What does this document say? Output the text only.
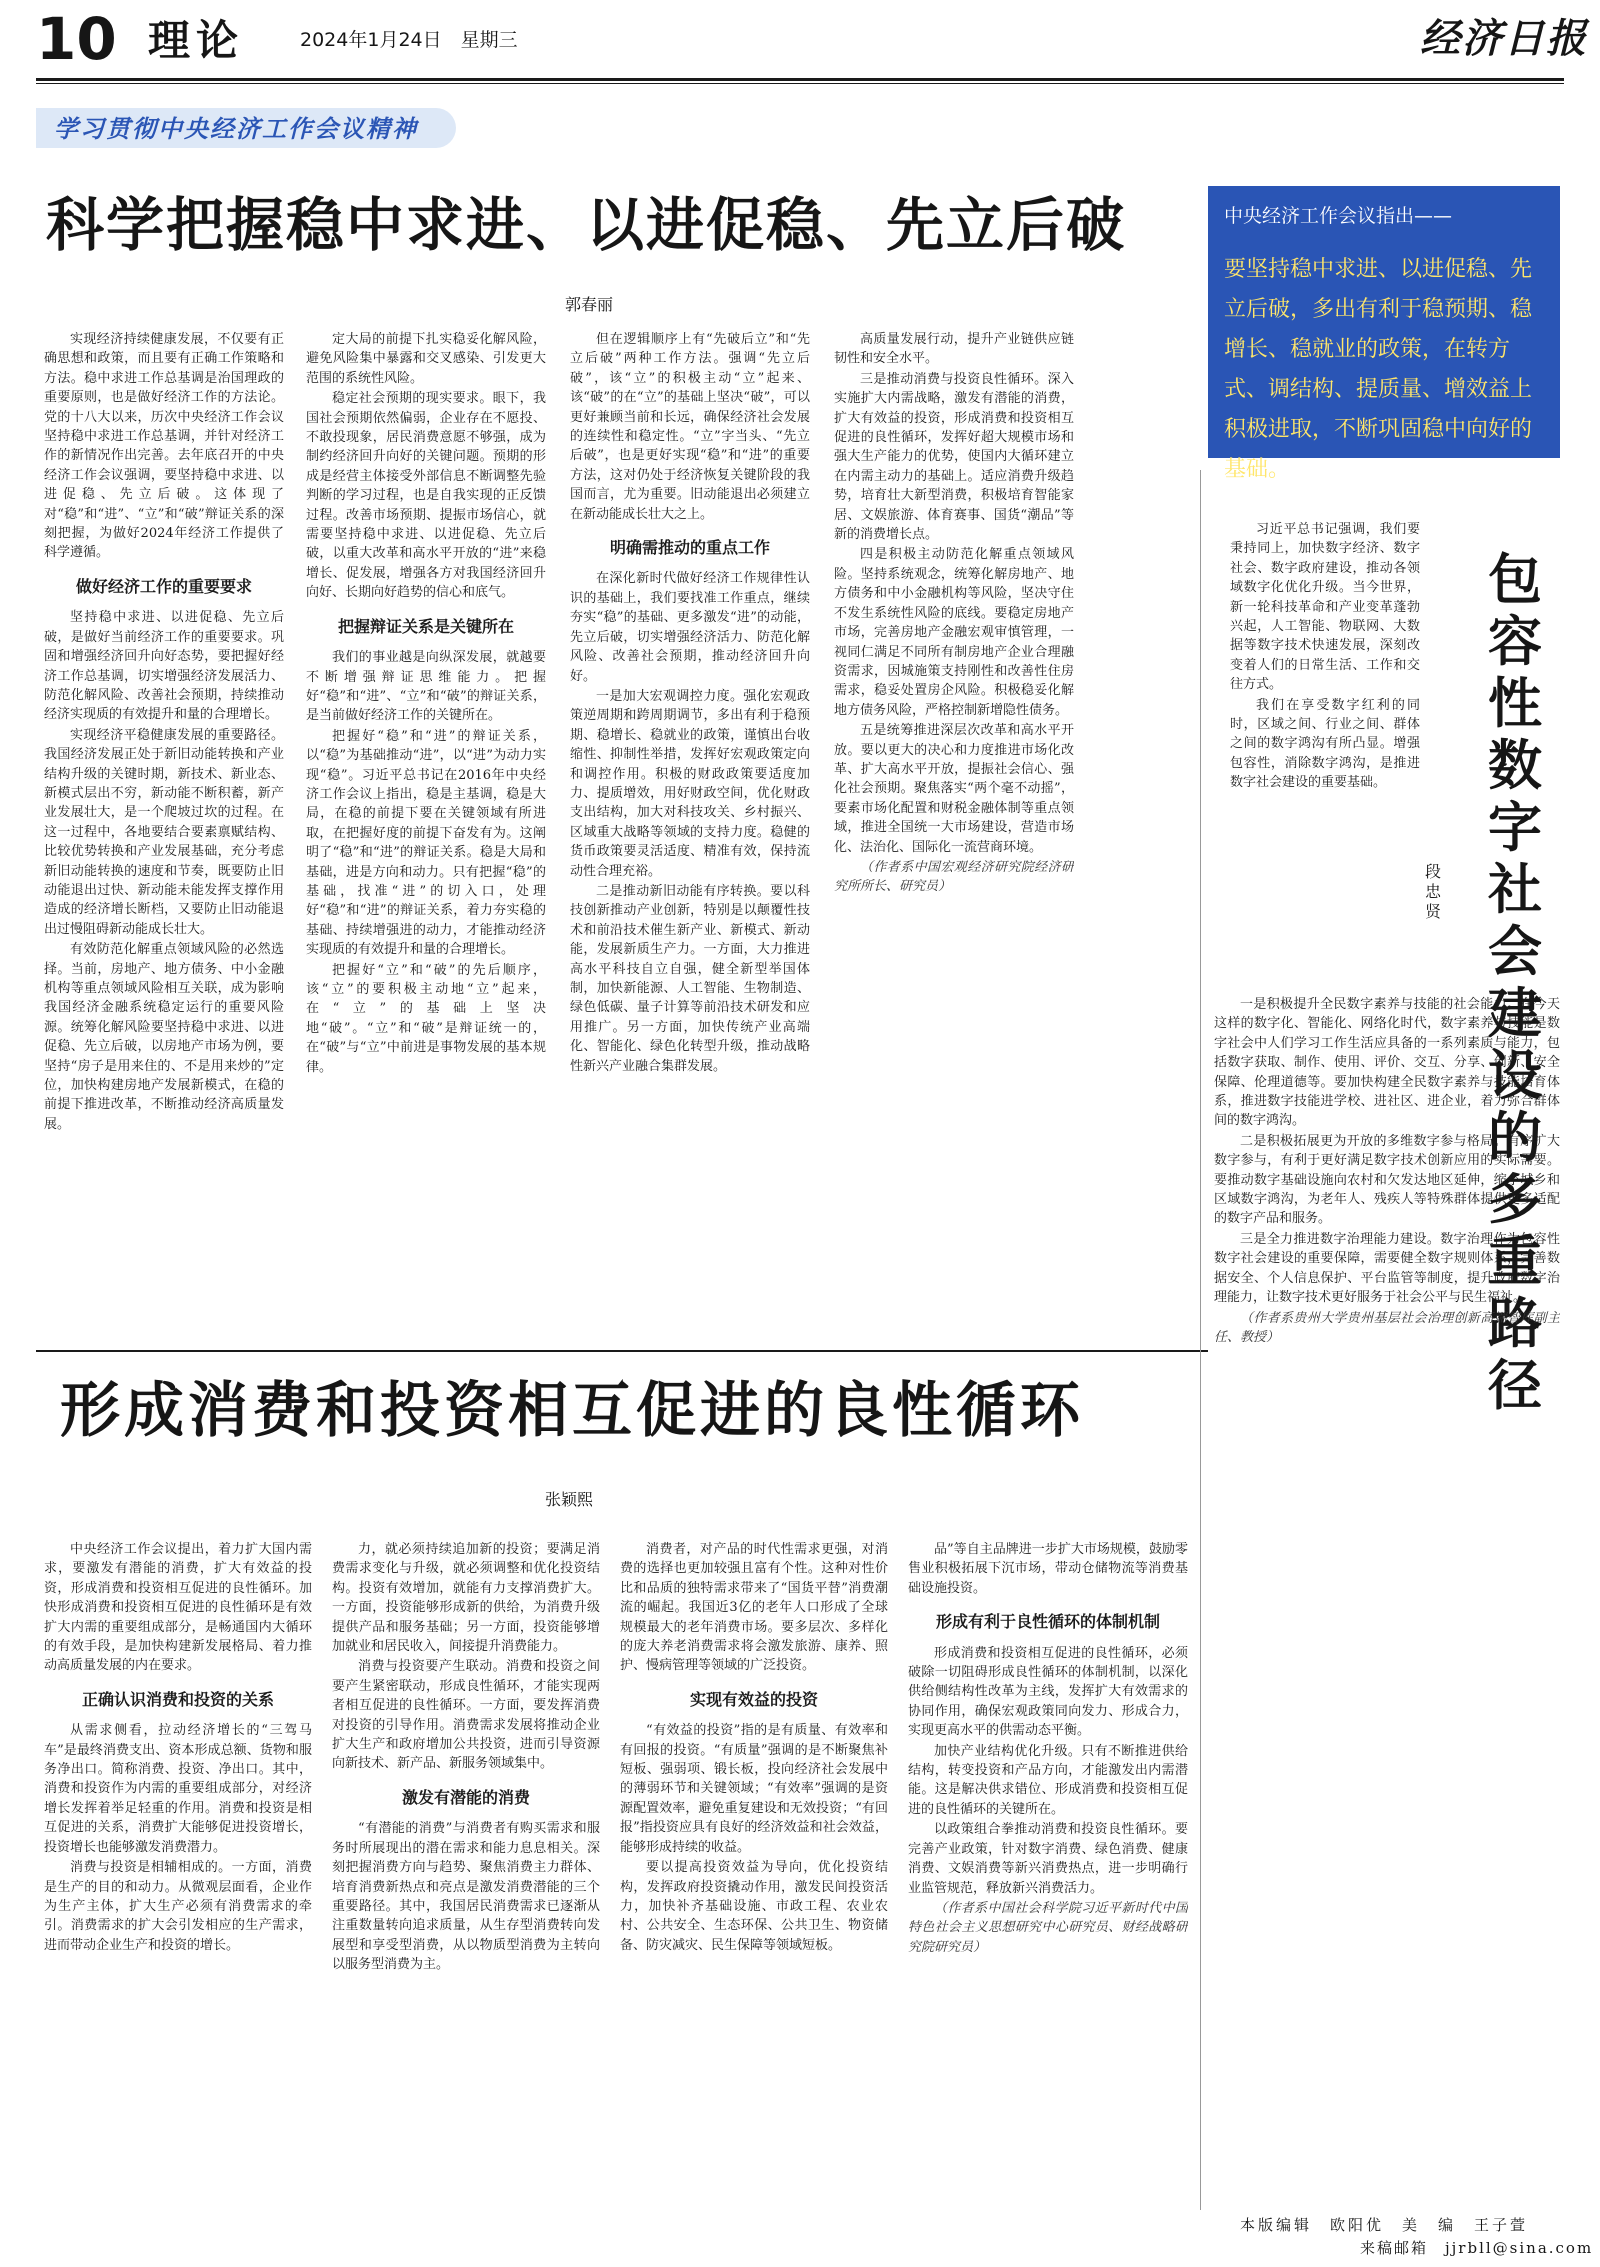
10 理论	2024年1月24日　星期三	经济日报
学习贯彻中央经济工作会议精神
科学把握稳中求进、以进促稳、先立后破
郭春丽

实现经济持续健康发展，不仅要有正确思想和政策，而且要有正确工作策略和方法。稳中求进工作总基调是治国理政的重要原则，也是做好经济工作的方法论。党的十八大以来，历次中央经济工作会议坚持稳中求进工作总基调，并针对经济工作的新情况作出完善。去年底召开的中央经济工作会议强调，要坚持稳中求进、以进促稳、先立后破。这体现了对“稳”和“进”、“立”和“破”辩证关系的深刻把握，为做好2024年经济工作提供了科学遵循。

做好经济工作的重要要求

坚持稳中求进、以进促稳、先立后破，是做好当前经济工作的重要要求。巩固和增强经济回升向好态势，要把握好经济工作总基调，切实增强经济发展活力、防范化解风险、改善社会预期，持续推动经济实现质的有效提升和量的合理增长。

实现经济平稳健康发展的重要路径。我国经济发展正处于新旧动能转换和产业结构升级的关键时期，新技术、新业态、新模式层出不穷，新动能不断积蓄，新产业发展壮大，是一个爬坡过坎的过程。在这一过程中，各地要结合要素禀赋结构、比较优势转换和产业发展基础，充分考虑新旧动能转换的速度和节奏，既要防止旧动能退出过快、新动能未能发挥支撑作用造成的经济增长断档，又要防止旧动能退出过慢阻碍新动能成长壮大。

有效防范化解重点领域风险的必然选择。当前，房地产、地方债务、中小金融机构等重点领域风险相互关联，成为影响我国经济金融系统稳定运行的重要风险源。统筹化解风险要坚持稳中求进、以进促稳、先立后破，以房地产市场为例，要坚持“房子是用来住的、不是用来炒的”定位，加快构建房地产发展新模式，在稳的前提下推进改革，不断推动经济高质量发展。

定大局的前提下扎实稳妥化解风险，避免风险集中暴露和交叉感染、引发更大范围的系统性风险。

稳定社会预期的现实要求。眼下，我国社会预期依然偏弱，企业存在不愿投、不敢投现象，居民消费意愿不够强，成为制约经济回升向好的关键问题。预期的形成是经营主体接受外部信息不断调整先验判断的学习过程，也是自我实现的正反馈过程。改善市场预期、提振市场信心，就需要坚持稳中求进、以进促稳、先立后破，以重大改革和高水平开放的“进”来稳增长、促发展，增强各方对我国经济回升向好、长期向好趋势的信心和底气。

把握辩证关系是关键所在

我们的事业越是向纵深发展，就越要不断增强辩证思维能力。把握好“稳”和“进”、“立”和“破”的辩证关系，是当前做好经济工作的关键所在。

把握好“稳”和“进”的辩证关系，以“稳”为基础推动“进”，以“进”为动力实现“稳”。习近平总书记在2016年中央经济工作会议上指出，稳是主基调，稳是大局，在稳的前提下要在关键领域有所进取，在把握好度的前提下奋发有为。这阐明了“稳”和“进”的辩证关系。稳是大局和基础，进是方向和动力。只有把握“稳”的基础，找准“进”的切入口，处理好“稳”和“进”的辩证关系，着力夯实稳的基础、持续增强进的动力，才能推动经济实现质的有效提升和量的合理增长。

把握好“立”和“破”的先后顺序，该“立”的要积极主动地“立”起来，在“立”的基础上坚决地“破”。“立”和“破”是辩证统一的，在“破”与“立”中前进是事物发展的基本规律。

但在逻辑顺序上有“先破后立”和“先立后破”两种工作方法。强调“先立后破”，该“立”的积极主动“立”起来、该“破”的在“立”的基础上坚决“破”，可以更好兼顾当前和长远，确保经济社会发展的连续性和稳定性。“立”字当头、“先立后破”，也是更好实现“稳”和“进”的重要方法，这对仍处于经济恢复关键阶段的我国而言，尤为重要。旧动能退出必须建立在新动能成长壮大之上。

明确需推动的重点工作

在深化新时代做好经济工作规律性认识的基础上，我们要找准工作重点，继续夯实“稳”的基础、更多激发“进”的动能，先立后破，切实增强经济活力、防范化解风险、改善社会预期，推动经济回升向好。

一是加大宏观调控力度。强化宏观政策逆周期和跨周期调节，多出有利于稳预期、稳增长、稳就业的政策，谨慎出台收缩性、抑制性举措，发挥好宏观政策定向和调控作用。积极的财政政策要适度加力、提质增效，用好财政空间，优化财政支出结构，加大对科技攻关、乡村振兴、区域重大战略等领域的支持力度。稳健的货币政策要灵活适度、精准有效，保持流动性合理充裕。

二是推动新旧动能有序转换。要以科技创新推动产业创新，特别是以颠覆性技术和前沿技术催生新产业、新模式、新动能，发展新质生产力。一方面，大力推进高水平科技自立自强，健全新型举国体制，加快新能源、人工智能、生物制造、绿色低碳、量子计算等前沿技术研发和应用推广。另一方面，加快传统产业高端化、智能化、绿色化转型升级，推动战略性新兴产业融合集群发展。

高质量发展行动，提升产业链供应链韧性和安全水平。

三是推动消费与投资良性循环。深入实施扩大内需战略，激发有潜能的消费，扩大有效益的投资，形成消费和投资相互促进的良性循环，发挥好超大规模市场和强大生产能力的优势，使国内大循环建立在内需主动力的基础上。适应消费升级趋势，培育壮大新型消费，积极培育智能家居、文娱旅游、体育赛事、国货“潮品”等新的消费增长点。

四是积极主动防范化解重点领域风险。坚持系统观念，统筹化解房地产、地方债务和中小金融机构等风险，坚决守住不发生系统性风险的底线。要稳定房地产市场，完善房地产金融宏观审慎管理，一视同仁满足不同所有制房地产企业合理融资需求，因城施策支持刚性和改善性住房需求，稳妥处置房企风险。积极稳妥化解地方债务风险，严格控制新增隐性债务。

五是统筹推进深层次改革和高水平开放。要以更大的决心和力度推进市场化改革、扩大高水平开放，提振社会信心、强化社会预期。聚焦落实“两个毫不动摇”，要素市场化配置和财税金融体制等重点领域，推进全国统一大市场建设，营造市场化、法治化、国际化一流营商环境。

（作者系中国宏观经济研究院经济研究所所长、研究员）

中央经济工作会议指出——
要坚持稳中求进、以进促稳、先立后破，多出有利于稳预期、稳增长、稳就业的政策，在转方式、调结构、提质量、增效益上积极进取，不断巩固稳中向好的基础。
形成消费和投资相互促进的良性循环
张颖熙

中央经济工作会议提出，着力扩大国内需求，要激发有潜能的消费，扩大有效益的投资，形成消费和投资相互促进的良性循环。加快形成消费和投资相互促进的良性循环是有效扩大内需的重要组成部分，是畅通国内大循环的有效手段，是加快构建新发展格局、着力推动高质量发展的内在要求。

正确认识消费和投资的关系

从需求侧看，拉动经济增长的“三驾马车”是最终消费支出、资本形成总额、货物和服务净出口。简称消费、投资、净出口。其中，消费和投资作为内需的重要组成部分，对经济增长发挥着举足轻重的作用。消费和投资是相互促进的关系，消费扩大能够促进投资增长，投资增长也能够激发消费潜力。

消费与投资是相辅相成的。一方面，消费是生产的目的和动力。从微观层面看，企业作为生产主体，扩大生产必须有消费需求的牵引。消费需求的扩大会引发相应的生产需求，进而带动企业生产和投资的增长。

力，就必须持续追加新的投资；要满足消费需求变化与升级，就必须调整和优化投资结构。投资有效增加，就能有力支撑消费扩大。一方面，投资能够形成新的供给，为消费升级提供产品和服务基础；另一方面，投资能够增加就业和居民收入，间接提升消费能力。

消费与投资要产生联动。消费和投资之间要产生紧密联动，形成良性循环，才能实现两者相互促进的良性循环。一方面，要发挥消费对投资的引导作用。消费需求发展将推动企业扩大生产和政府增加公共投资，进而引导资源向新技术、新产品、新服务领域集中。

激发有潜能的消费

“有潜能的消费”与消费者有购买需求和服务时所展现出的潜在需求和能力息息相关。深刻把握消费方向与趋势、聚焦消费主力群体、培育消费新热点和亮点是激发消费潜能的三个重要路径。其中，我国居民消费需求已逐渐从注重数量转向追求质量，从生存型消费转向发展型和享受型消费，从以物质型消费为主转向以服务型消费为主。

消费者，对产品的时代性需求更强，对消费的选择也更加较强且富有个性。这种对性价比和品质的独特需求带来了“国货平替”消费潮流的崛起。我国近3亿的老年人口形成了全球规模最大的老年消费市场。要多层次、多样化的庞大养老消费需求将会激发旅游、康养、照护、慢病管理等领域的广泛投资。

实现有效益的投资

“有效益的投资”指的是有质量、有效率和有回报的投资。“有质量”强调的是不断聚焦补短板、强弱项、锻长板，投向经济社会发展中的薄弱环节和关键领域；“有效率”强调的是资源配置效率，避免重复建设和无效投资；“有回报”指投资应具有良好的经济效益和社会效益，能够形成持续的收益。

要以提高投资效益为导向，优化投资结构，发挥政府投资撬动作用，激发民间投资活力，加快补齐基础设施、市政工程、农业农村、公共安全、生态环保、公共卫生、物资储备、防灾减灾、民生保障等领域短板。

品”等自主品牌进一步扩大市场规模，鼓励零售业积极拓展下沉市场，带动仓储物流等消费基础设施投资。

形成有利于良性循环的体制机制

形成消费和投资相互促进的良性循环，必须破除一切阻碍形成良性循环的体制机制，以深化供给侧结构性改革为主线，发挥扩大有效需求的协同作用，确保宏观政策同向发力、形成合力，实现更高水平的供需动态平衡。

加快产业结构优化升级。只有不断推进供给结构，转变投资和产品方向，才能激发出内需潜能。这是解决供求错位、形成消费和投资相互促进的良性循环的关键所在。

以政策组合拳推动消费和投资良性循环。要完善产业政策，针对数字消费、绿色消费、健康消费、文娱消费等新兴消费热点，进一步明确行业监管规范，释放新兴消费活力。

（作者系中国社会科学院习近平新时代中国特色社会主义思想研究中心研究员、财经战略研究院研究员）

包容性数字社会建设的多重路径
段忠贤

习近平总书记强调，我们要秉持同上，加快数字经济、数字社会、数字政府建设，推动各领域数字化优化升级。当今世界，新一轮科技革命和产业变革蓬勃兴起，人工智能、物联网、大数据等数字技术快速发展，深刻改变着人们的日常生活、工作和交往方式。

我们在享受数字红利的同时，区域之间、行业之间、群体之间的数字鸿沟有所凸显。增强包容性，消除数字鸿沟，是推进数字社会建设的重要基础。

一是积极提升全民数字素养与技能的社会能力。在今天这样的数字化、智能化、网络化时代，数字素养与技能是数字社会中人们学习工作生活应具备的一系列素质与能力，包括数字获取、制作、使用、评价、交互、分享、创新、安全保障、伦理道德等。要加快构建全民数字素养与技能培育体系，推进数字技能进学校、进社区、进企业，着力弥合群体间的数字鸿沟。

二是积极拓展更为开放的多维数字参与格局。有序扩大数字参与，有利于更好满足数字技术创新应用的实际需要。要推动数字基础设施向农村和欠发达地区延伸，缩小城乡和区域数字鸿沟，为老年人、残疾人等特殊群体提供更多适配的数字产品和服务。

三是全力推进数字治理能力建设。数字治理作为包容性数字社会建设的重要保障，需要健全数字规则体系，完善数据安全、个人信息保护、平台监管等制度，提升政府数字治理能力，让数字技术更好服务于社会公平与民生福祉。

（作者系贵州大学贵州基层社会治理创新高端智库副主任、教授）

本版编辑　欧阳优　美　编　王子萱
来稿邮箱　jjrbll@sina.com
